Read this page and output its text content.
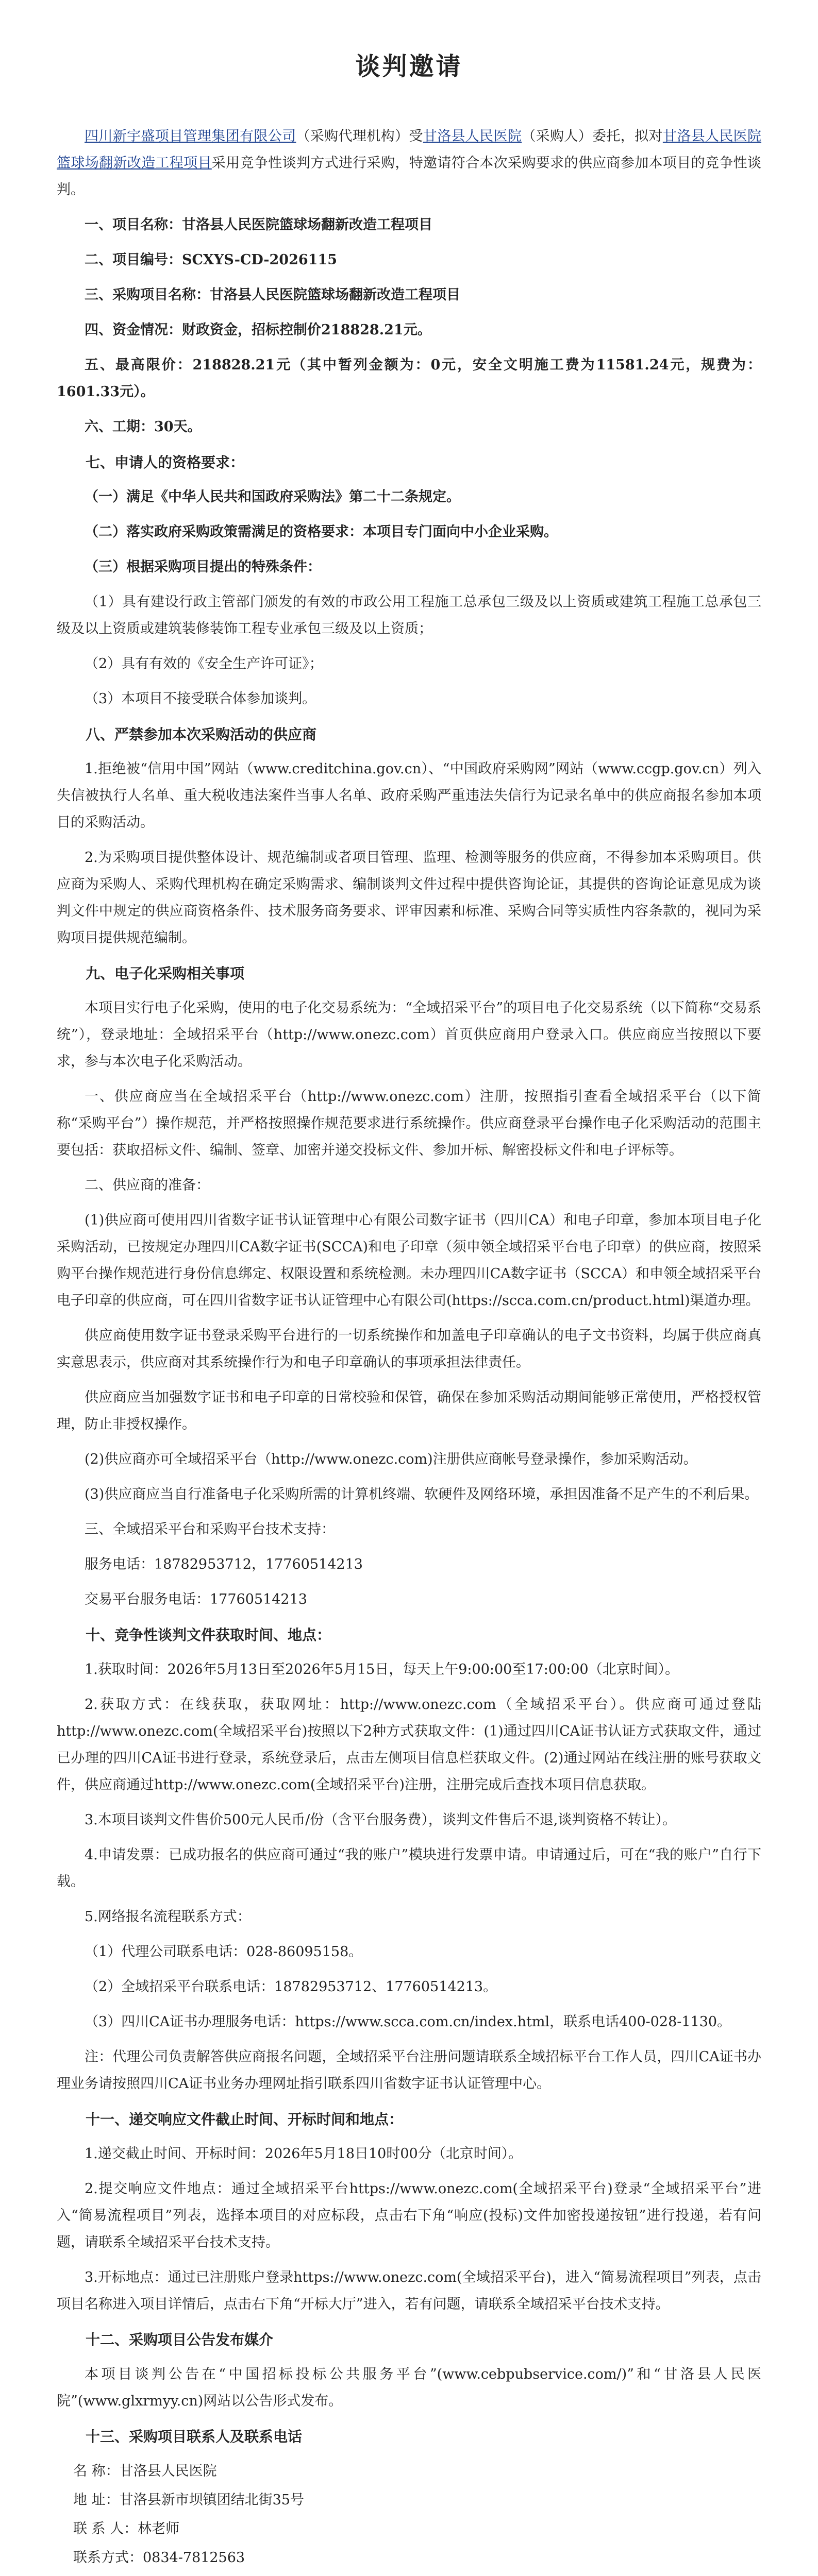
谈判邀请

四川新宇盛项目管理集团有限公司（采购代理机构）受甘洛县人民医院（采购人）委托，拟对甘洛县人民医院篮球场翻新改造工程项目采用竞争性谈判方式进行采购，特邀请符合本次采购要求的供应商参加本项目的竞争性谈判。

一、项目名称：甘洛县人民医院篮球场翻新改造工程项目

二、项目编号：SCXYS-CD-2026115

三、采购项目名称：甘洛县人民医院篮球场翻新改造工程项目

四、资金情况：财政资金，招标控制价218828.21元。

五、最高限价：218828.21元（其中暂列金额为：0元，安全文明施工费为11581.24元，规费为：1601.33元）。

六、工期：30天。

七、申请人的资格要求：

（一）满足《中华人民共和国政府采购法》第二十二条规定。

（二）落实政府采购政策需满足的资格要求：本项目专门面向中小企业采购。

（三）根据采购项目提出的特殊条件：

（1）具有建设行政主管部门颁发的有效的市政公用工程施工总承包三级及以上资质或建筑工程施工总承包三级及以上资质或建筑装修装饰工程专业承包三级及以上资质；

（2）具有有效的《安全生产许可证》；

（3）本项目不接受联合体参加谈判。

八、严禁参加本次采购活动的供应商

1.拒绝被“信用中国”网站（www.creditchina.gov.cn）、“中国政府采购网”网站（www.ccgp.gov.cn）列入失信被执行人名单、重大税收违法案件当事人名单、政府采购严重违法失信行为记录名单中的供应商报名参加本项目的采购活动。

2.为采购项目提供整体设计、规范编制或者项目管理、监理、检测等服务的供应商，不得参加本采购项目。供应商为采购人、采购代理机构在确定采购需求、编制谈判文件过程中提供咨询论证，其提供的咨询论证意见成为谈判文件中规定的供应商资格条件、技术服务商务要求、评审因素和标准、采购合同等实质性内容条款的，视同为采购项目提供规范编制。

九、电子化采购相关事项

本项目实行电子化采购，使用的电子化交易系统为：“全域招采平台”的项目电子化交易系统（以下简称“交易系统”），登录地址：全域招采平台（http://www.onezc.com）首页供应商用户登录入口。供应商应当按照以下要求，参与本次电子化采购活动。

一、供应商应当在全域招采平台（http://www.onezc.com）注册，按照指引查看全域招采平台（以下简称“采购平台”）操作规范，并严格按照操作规范要求进行系统操作。供应商登录平台操作电子化采购活动的范围主要包括：获取招标文件、编制、签章、加密并递交投标文件、参加开标、解密投标文件和电子评标等。

二、供应商的准备：

(1)供应商可使用四川省数字证书认证管理中心有限公司数字证书（四川CA）和电子印章，参加本项目电子化采购活动，已按规定办理四川CA数字证书(SCCA)和电子印章（须申领全域招采平台电子印章）的供应商，按照采购平台操作规范进行身份信息绑定、权限设置和系统检测。未办理四川CA数字证书（SCCA）和申领全域招采平台电子印章的供应商，可在四川省数字证书认证管理中心有限公司(https://scca.com.cn/product.html)渠道办理。

供应商使用数字证书登录采购平台进行的一切系统操作和加盖电子印章确认的电子文书资料，均属于供应商真实意思表示，供应商对其系统操作行为和电子印章确认的事项承担法律责任。

供应商应当加强数字证书和电子印章的日常校验和保管，确保在参加采购活动期间能够正常使用，严格授权管理，防止非授权操作。

(2)供应商亦可全域招采平台（http://www.onezc.com)注册供应商帐号登录操作，参加采购活动。

(3)供应商应当自行准备电子化采购所需的计算机终端、软硬件及网络环境，承担因准备不足产生的不利后果。

三、全域招采平台和采购平台技术支持：

服务电话：18782953712，17760514213

交易平台服务电话：17760514213

十、竞争性谈判文件获取时间、地点：

1.获取时间：2026年5月13日至2026年5月15日，每天上午9:00:00至17:00:00（北京时间）。

2.获取方式：在线获取，获取网址：http://www.onezc.com（全域招采平台）。供应商可通过登陆http://www.onezc.com(全域招采平台)按照以下2种方式获取文件：(1)通过四川CA证书认证方式获取文件，通过已办理的四川CA证书进行登录，系统登录后，点击左侧项目信息栏获取文件。(2)通过网站在线注册的账号获取文件，供应商通过http://www.onezc.com(全域招采平台)注册，注册完成后查找本项目信息获取。

3.本项目谈判文件售价500元人民币/份（含平台服务费），谈判文件售后不退,谈判资格不转让）。

4.申请发票：已成功报名的供应商可通过“我的账户”模块进行发票申请。申请通过后，可在“我的账户”自行下载。

5.网络报名流程联系方式：

（1）代理公司联系电话：028-86095158。

（2）全域招采平台联系电话：18782953712、17760514213。

（3）四川CA证书办理服务电话：https://www.scca.com.cn/index.html，联系电话400-028-1130。

注：代理公司负责解答供应商报名问题，全域招采平台注册问题请联系全域招标平台工作人员，四川CA证书办理业务请按照四川CA证书业务办理网址指引联系四川省数字证书认证管理中心。

十一、递交响应文件截止时间、开标时间和地点：

1.递交截止时间、开标时间：2026年5月18日10时00分（北京时间）。

2.提交响应文件地点：通过全域招采平台https://www.onezc.com(全域招采平台)登录“全域招采平台”进入“简易流程项目”列表，选择本项目的对应标段，点击右下角“响应(投标)文件加密投递按钮”进行投递，若有问题，请联系全域招采平台技术支持。

3.开标地点：通过已注册账户登录https://www.onezc.com(全域招采平台)，进入“简易流程项目”列表，点击项目名称进入项目详情后，点击右下角“开标大厅”进入，若有问题，请联系全域招采平台技术支持。

十二、采购项目公告发布媒介

本项目谈判公告在“中国招标投标公共服务平台”(www.cebpubservice.com/)”和“甘洛县人民医院”(www.glxrmyy.cn)网站以公告形式发布。

十三、采购项目联系人及联系电话

名 称：甘洛县人民医院

地 址：甘洛县新市坝镇团结北街35号

联 系 人：林老师

联系方式：0834-7812563
